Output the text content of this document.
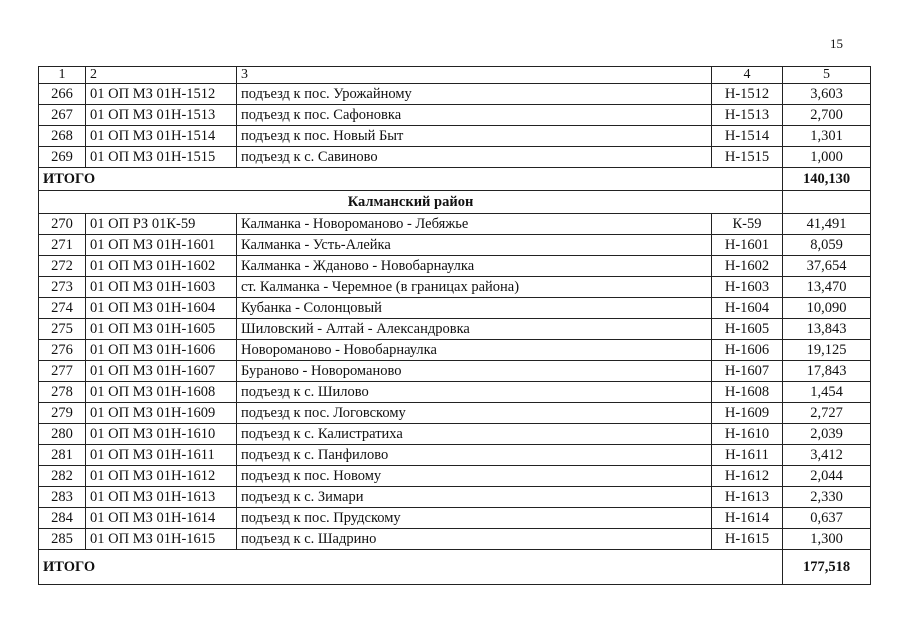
15
1	2	3	4	5
266	01 ОП МЗ 01Н-1512	подъезд к пос. Урожайному	Н-1512	3,603
267	01 ОП МЗ 01Н-1513	подъезд к пос. Сафоновка	Н-1513	2,700
268	01 ОП МЗ 01Н-1514	подъезд к пос. Новый Быт	Н-1514	1,301
269	01 ОП МЗ 01Н-1515	подъезд к с. Савиново	Н-1515	1,000
ИТОГО				140,130
Калманский район				
270	01 ОП РЗ 01К-59	Калманка - Новороманово - Лебяжье	К-59	41,491
271	01 ОП МЗ 01Н-1601	Калманка - Усть-Алейка	Н-1601	8,059
272	01 ОП МЗ 01Н-1602	Калманка - Жданово - Новобарнаулка	Н-1602	37,654
273	01 ОП МЗ 01Н-1603	ст. Калманка - Черемное (в границах района)	Н-1603	13,470
274	01 ОП МЗ 01Н-1604	Кубанка - Солонцовый	Н-1604	10,090
275	01 ОП МЗ 01Н-1605	Шиловский - Алтай - Александровка	Н-1605	13,843
276	01 ОП МЗ 01Н-1606	Новороманово - Новобарнаулка	Н-1606	19,125
277	01 ОП МЗ 01Н-1607	Бураново - Новороманово	Н-1607	17,843
278	01 ОП МЗ 01Н-1608	подъезд к с. Шилово	Н-1608	1,454
279	01 ОП МЗ 01Н-1609	подъезд к пос. Логовскому	Н-1609	2,727
280	01 ОП МЗ 01Н-1610	подъезд к с. Калистратиха	Н-1610	2,039
281	01 ОП МЗ 01Н-1611	подъезд к с. Панфилово	Н-1611	3,412
282	01 ОП МЗ 01Н-1612	подъезд к пос. Новому	Н-1612	2,044
283	01 ОП МЗ 01Н-1613	подъезд к с. Зимари	Н-1613	2,330
284	01 ОП МЗ 01Н-1614	подъезд к пос. Прудскому	Н-1614	0,637
285	01 ОП МЗ 01Н-1615	подъезд к с. Шадрино	Н-1615	1,300
ИТОГО				177,518
